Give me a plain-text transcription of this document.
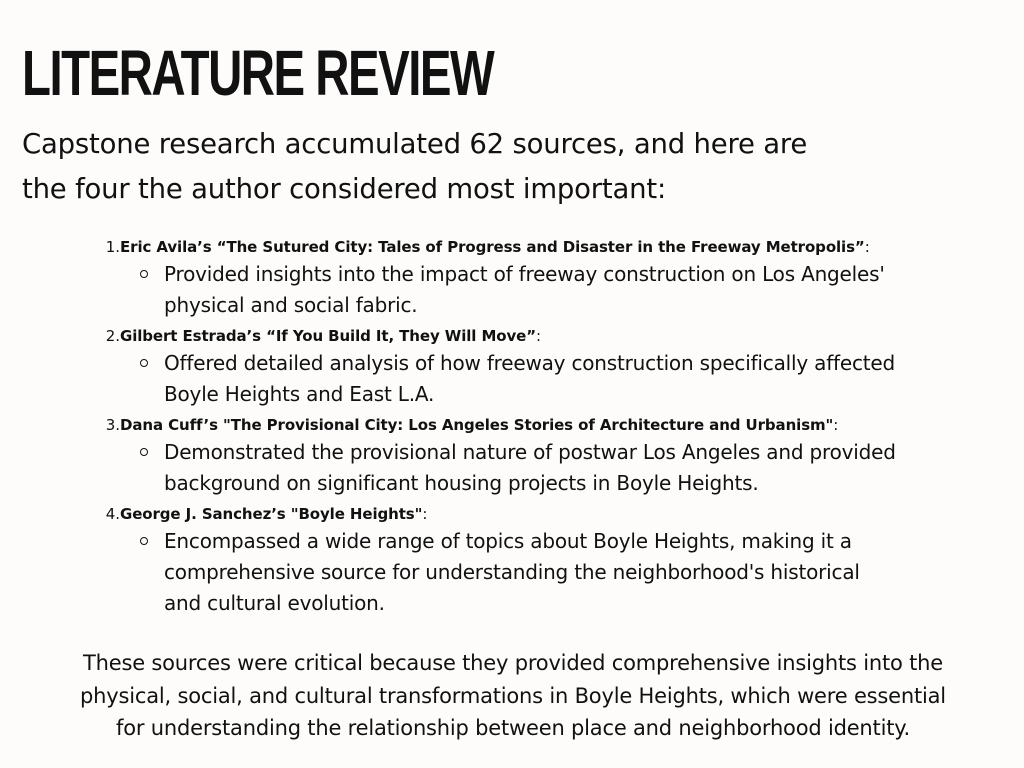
LITERATURE REVIEW

Capstone research accumulated 62 sources, and here are
the four the author considered most important:

1. Eric Avila’s “The Sutured City: Tales of Progress and Disaster in the Freeway Metropolis” :
Provided insights into the impact of freeway construction on Los Angeles'
physical and social fabric.
2. Gilbert Estrada’s “If You Build It, They Will Move” :
Offered detailed analysis of how freeway construction specifically affected
Boyle Heights and East L.A.
3. Dana Cuff’s "The Provisional City: Los Angeles Stories of Architecture and Urbanism" :
Demonstrated the provisional nature of postwar Los Angeles and provided
background on significant housing projects in Boyle Heights.
4. George J. Sanchez’s "Boyle Heights" :
Encompassed a wide range of topics about Boyle Heights, making it a
comprehensive source for understanding the neighborhood's historical
and cultural evolution.

These sources were critical because they provided comprehensive insights into the
physical, social, and cultural transformations in Boyle Heights, which were essential
for understanding the relationship between place and neighborhood identity.
